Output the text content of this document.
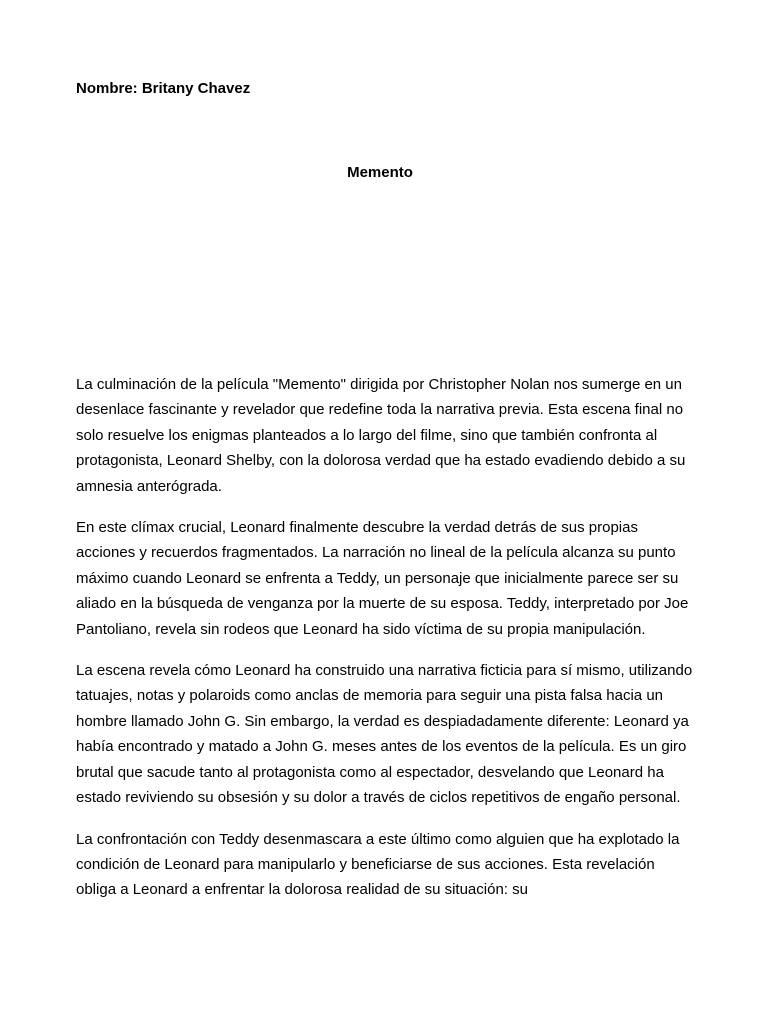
Nombre: Britany Chavez

Memento

La culminación de la película "Memento" dirigida por Christopher Nolan nos sumerge en un desenlace fascinante y revelador que redefine toda la narrativa previa. Esta escena final no solo resuelve los enigmas planteados a lo largo del filme, sino que también confronta al protagonista, Leonard Shelby, con la dolorosa verdad que ha estado evadiendo debido a su amnesia anterógrada.

En este clímax crucial, Leonard finalmente descubre la verdad detrás de sus propias acciones y recuerdos fragmentados. La narración no lineal de la película alcanza su punto máximo cuando Leonard se enfrenta a Teddy, un personaje que inicialmente parece ser su aliado en la búsqueda de venganza por la muerte de su esposa. Teddy, interpretado por Joe Pantoliano, revela sin rodeos que Leonard ha sido víctima de su propia manipulación.

La escena revela cómo Leonard ha construido una narrativa ficticia para sí mismo, utilizando tatuajes, notas y polaroids como anclas de memoria para seguir una pista falsa hacia un hombre llamado John G. Sin embargo, la verdad es despiadadamente diferente: Leonard ya había encontrado y matado a John G. meses antes de los eventos de la película. Es un giro brutal que sacude tanto al protagonista como al espectador, desvelando que Leonard ha estado reviviendo su obsesión y su dolor a través de ciclos repetitivos de engaño personal.

La confrontación con Teddy desenmascara a este último como alguien que ha explotado la condición de Leonard para manipularlo y beneficiarse de sus acciones. Esta revelación obliga a Leonard a enfrentar la dolorosa realidad de su situación: su
